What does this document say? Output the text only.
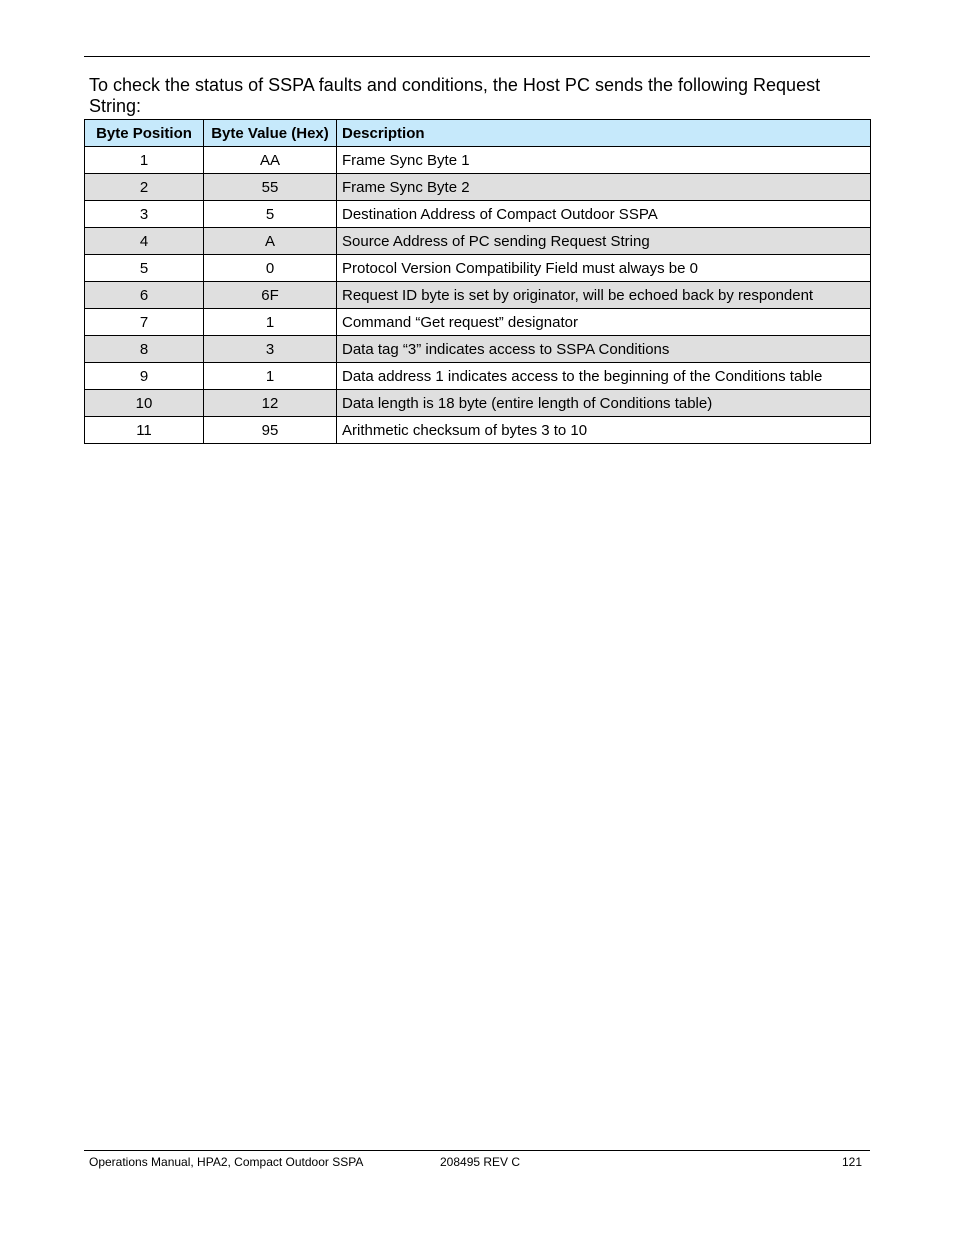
To check the status of SSPA faults and conditions, the Host PC sends the following Request String:

Byte Position	Byte Value (Hex)	Description
1	AA	Frame Sync Byte 1
2	55	Frame Sync Byte 2
3	5	Destination Address of Compact Outdoor SSPA
4	A	Source Address of PC sending Request String
5	0	Protocol Version Compatibility Field must always be 0
6	6F	Request ID byte is set by originator, will be echoed back by respondent
7	1	Command “Get request” designator
8	3	Data tag “3” indicates access to SSPA Conditions
9	1	Data address 1 indicates access to the beginning of the Conditions table
10	12	Data length is 18 byte (entire length of Conditions table)
11	95	Arithmetic checksum of bytes 3 to 10
Operations Manual, HPA2, Compact Outdoor SSPA	208495 REV C	121
